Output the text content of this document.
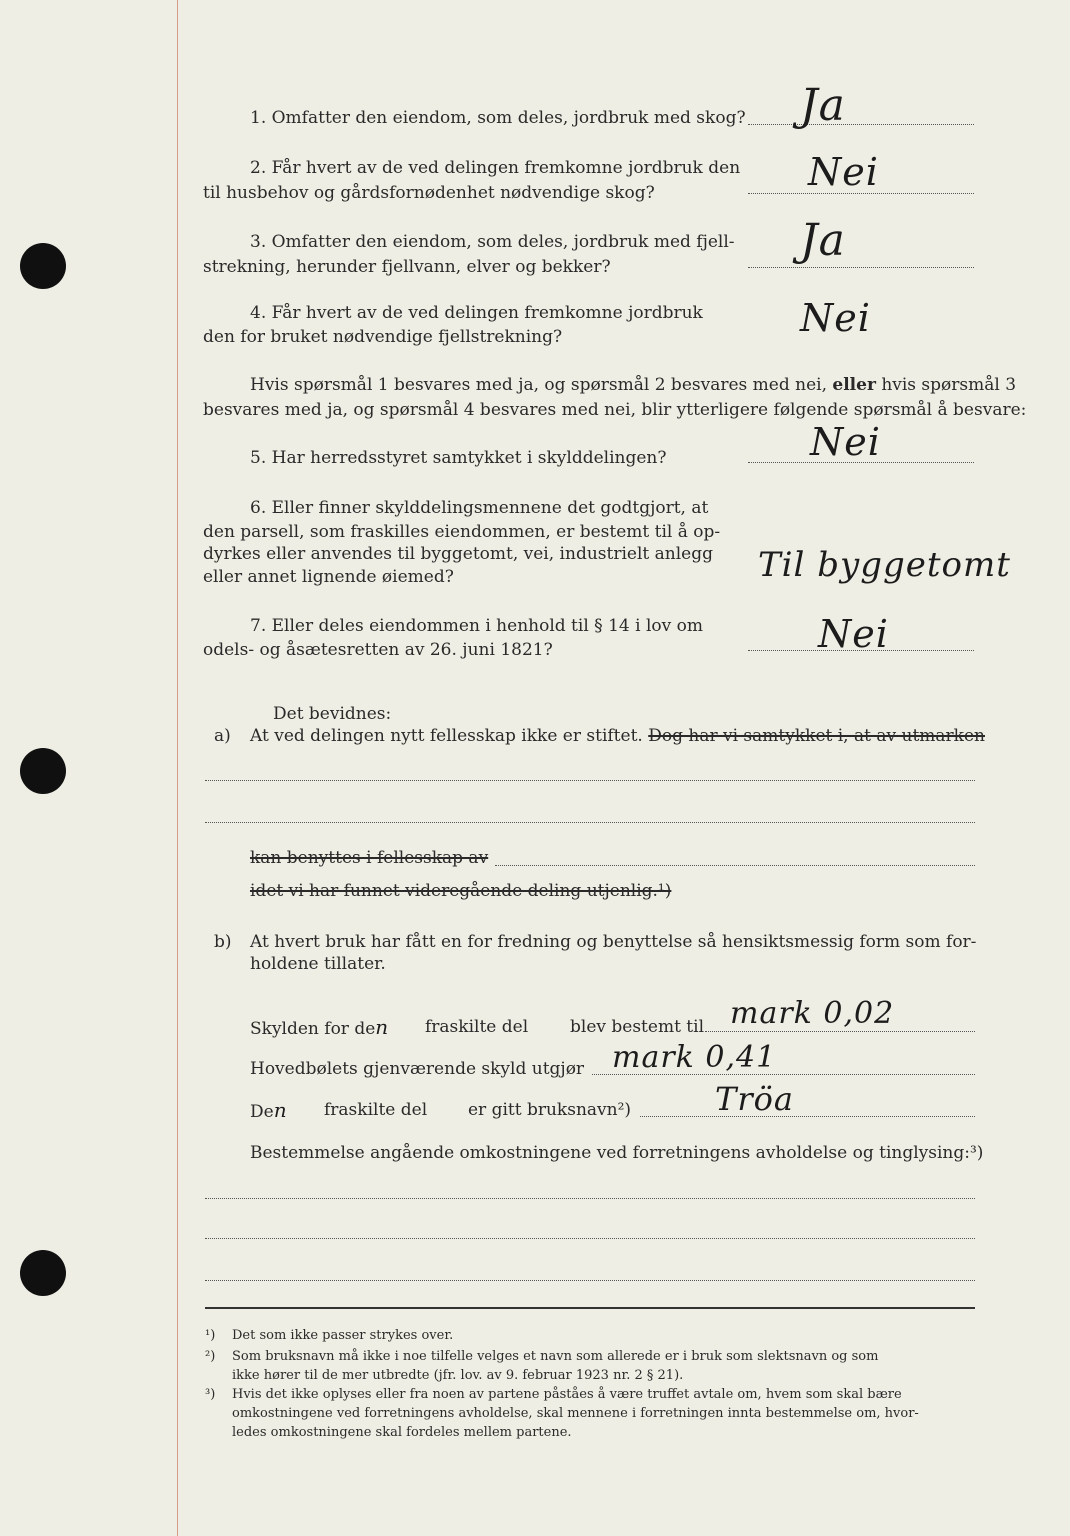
1. Omfatter den eiendom, som deles, jordbruk med skog? Ja
2. Får hvert av de ved delingen fremkomne jordbruk den
til husbehov og gårdsfornødenhet nødvendige skog?	Nei
3. Omfatter den eiendom, som deles, jordbruk med fjell-
strekning, herunder fjellvann, elver og bekker?
Ja
4. Får hvert av de ved delingen fremkomne jordbruk
den for bruket nødvendige fjellstrekning?	Nei
Hvis spørsmål 1 besvares med ja, og spørsmål 2 besvares med nei, eller hvis spørsmål 3
besvares med ja, og spørsmål 4 besvares med nei, blir ytterligere følgende spørsmål å besvare:
5. Har herredsstyret samtykket i skylddelingen?	Nei
6. Eller finner skylddelingsmennene det godtgjort, at
den parsell, som fraskilles eiendommen, er bestemt til å op-
dyrkes eller anvendes til byggetomt, vei, industrielt anlegg
eller annet lignende øiemed?	Til byggetomt
7. Eller deles eiendommen i henhold til § 14 i lov om
odels- og åsætesretten av 26. juni 1821?	Nei
Det bevidnes:
a) At ved delingen nytt fellesskap ikke er stiftet. Dog har vi samtykket i, at av utmarken
kan benyttes i fellesskap av
idet vi har funnet videregående deling utjenlig.¹)
b) At hvert bruk har fått en for fredning og benyttelse så hensiktsmessig form som for-
holdene tillater.
Skylden for den fraskilte del blev bestemt til mark 0,02
Hovedbølets gjenværende skyld utgjør mark 0,41
Den fraskilte del er gitt bruksnavn²)	Tröa
Bestemmelse angående omkostningene ved forretningens avholdelse og tinglysing:³)
¹) Det som ikke passer strykes over.
²) Som bruksnavn må ikke i noe tilfelle velges et navn som allerede er i bruk som slektsnavn og som
ikke hører til de mer utbredte (jfr. lov. av 9. februar 1923 nr. 2 § 21).
³) Hvis det ikke oplyses eller fra noen av partene påståes å være truffet avtale om, hvem som skal bære
omkostningene ved forretningens avholdelse, skal mennene i forretningen innta bestemmelse om, hvor-
ledes omkostningene skal fordeles mellem partene.
